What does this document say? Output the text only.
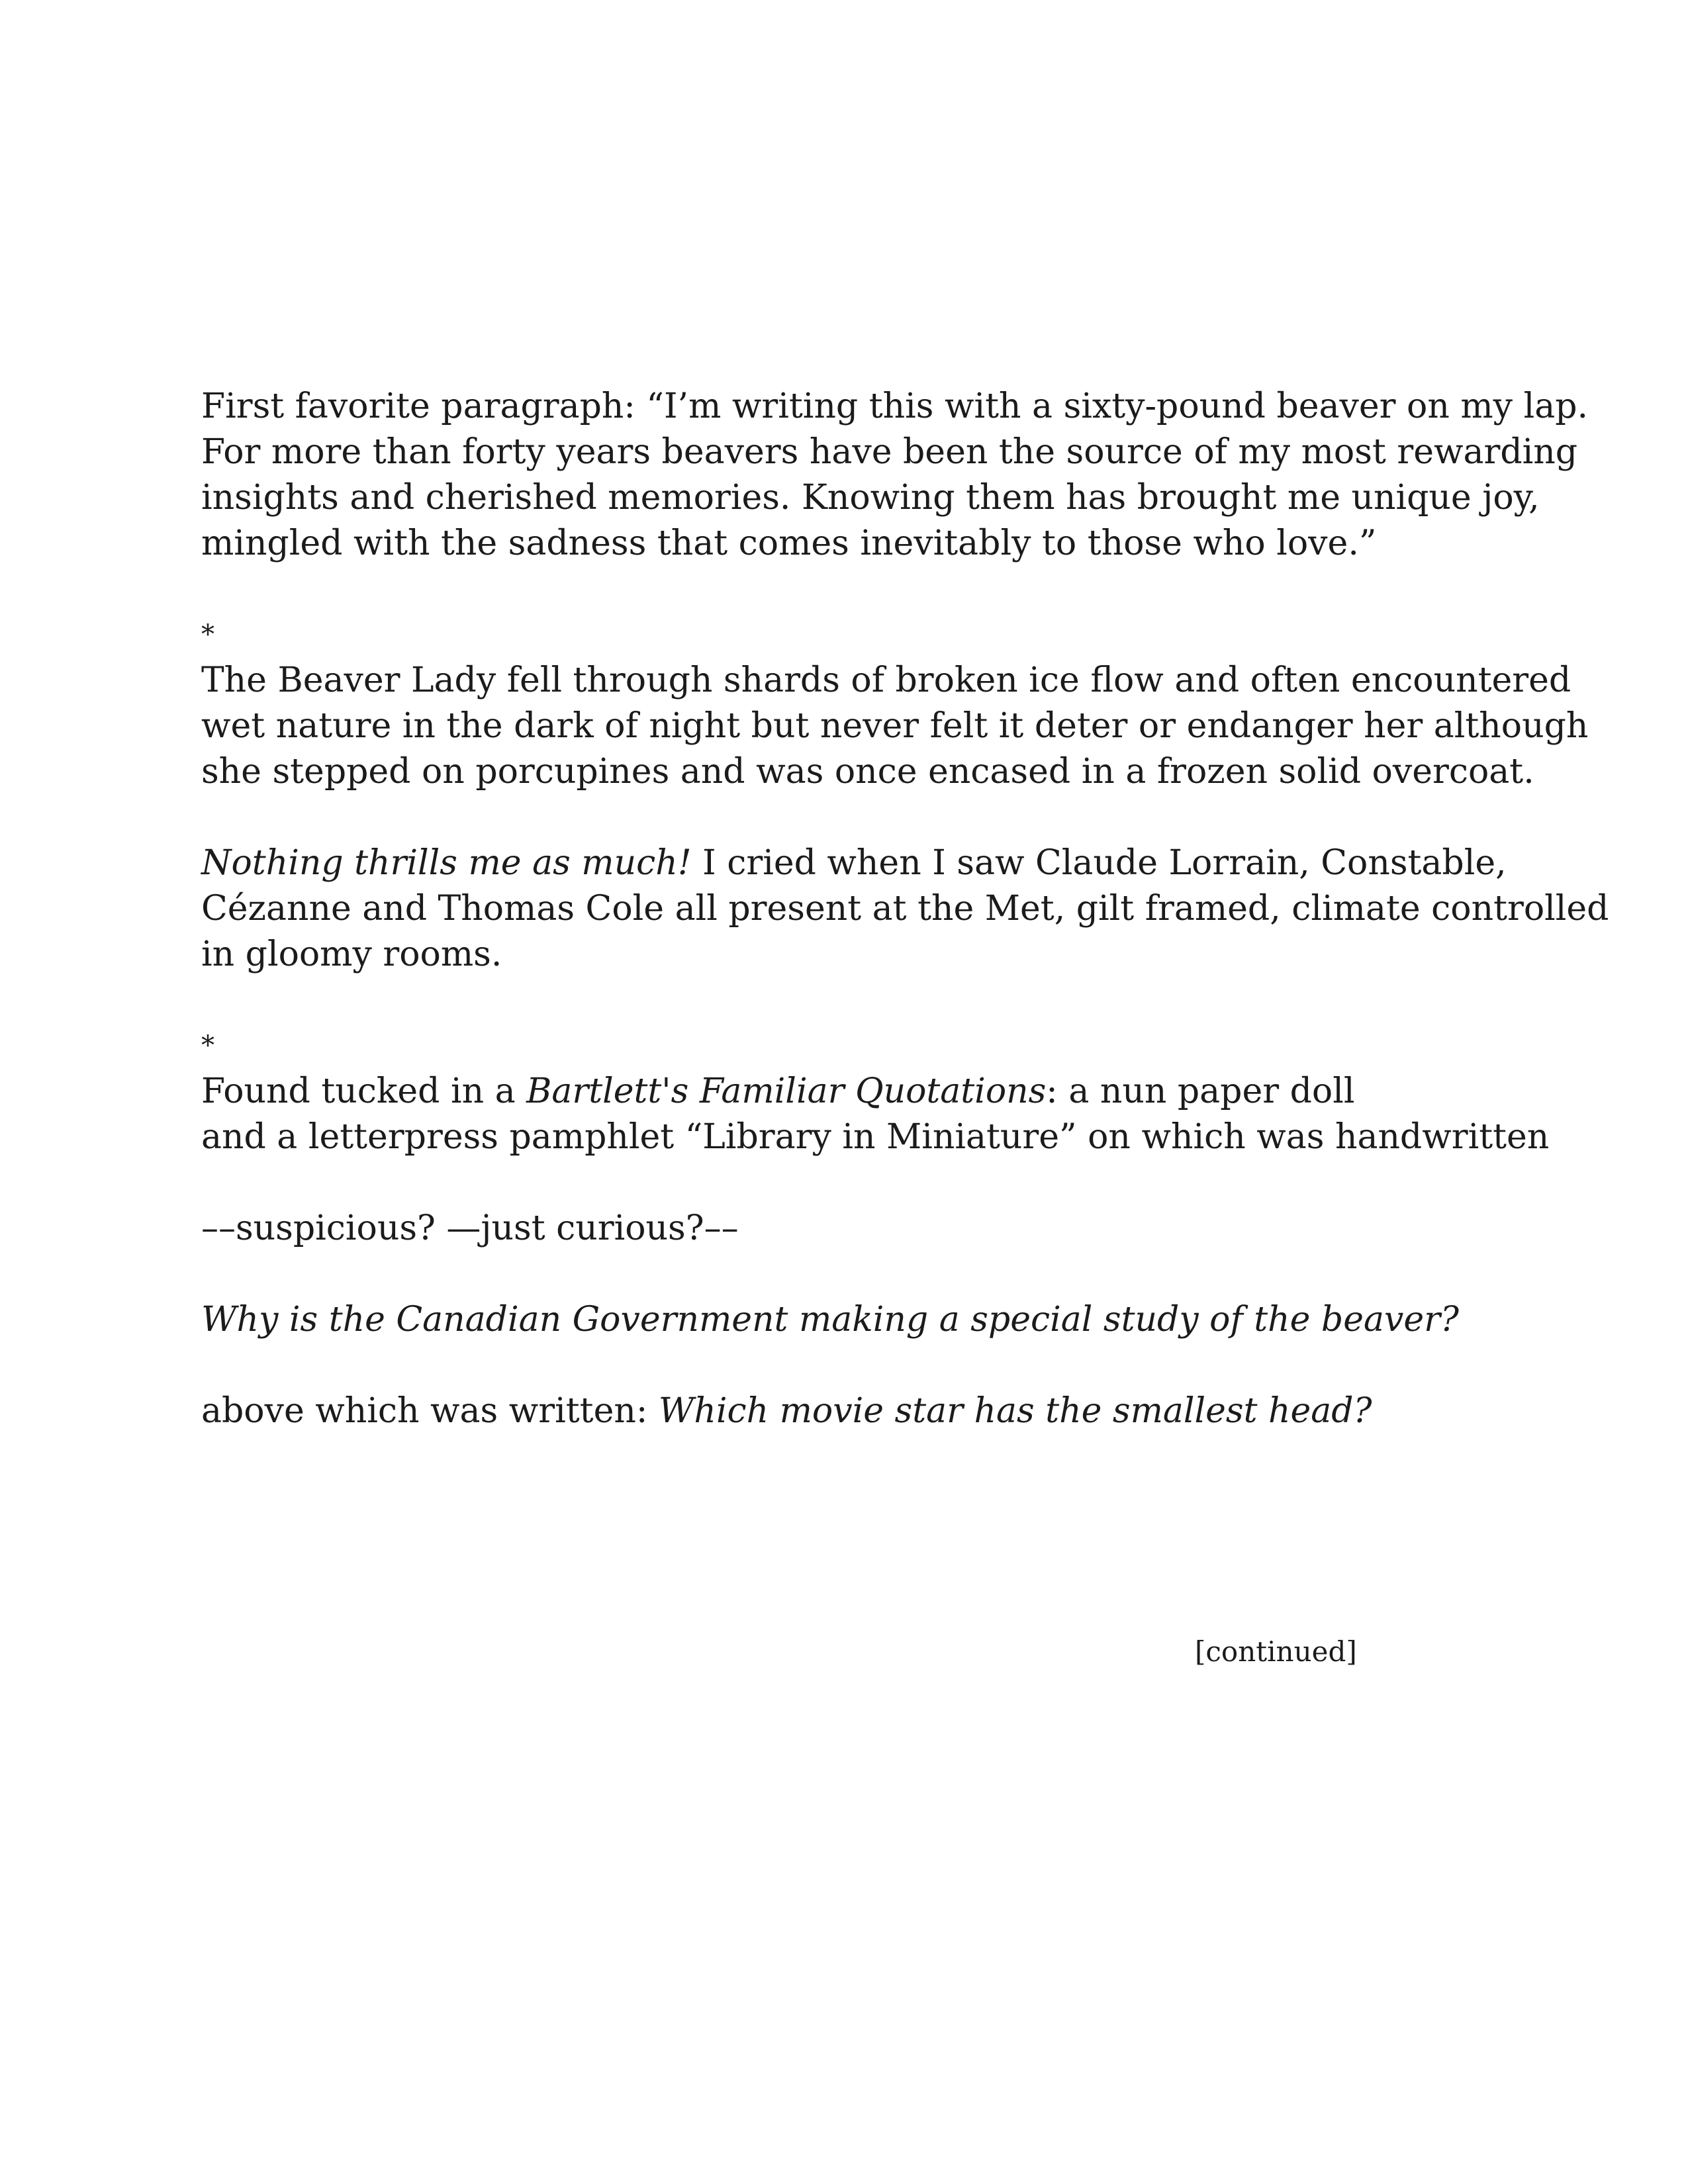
First favorite paragraph: “I’m writing this with a sixty-pound beaver on my lap.
For more than forty years beavers have been the source of my most rewarding
insights and cherished memories. Knowing them has brought me unique joy,
mingled with the sadness that comes inevitably to those who love.”
*
The Beaver Lady fell through shards of broken ice flow and often encountered
wet nature in the dark of night but never felt it deter or endanger her although
she stepped on porcupines and was once encased in a frozen solid overcoat.
Nothing thrills me as much! I cried when I saw Claude Lorrain, Constable,
Cézanne and Thomas Cole all present at the Met, gilt framed, climate controlled
in gloomy rooms.
*
Found tucked in a Bartlett's Familiar Quotations: a nun paper doll
and a letterpress pamphlet “Library in Miniature” on which was handwritten
––suspicious? —just curious?––
Why is the Canadian Government making a special study of the beaver?
above which was written: Which movie star has the smallest head?
[continued]
